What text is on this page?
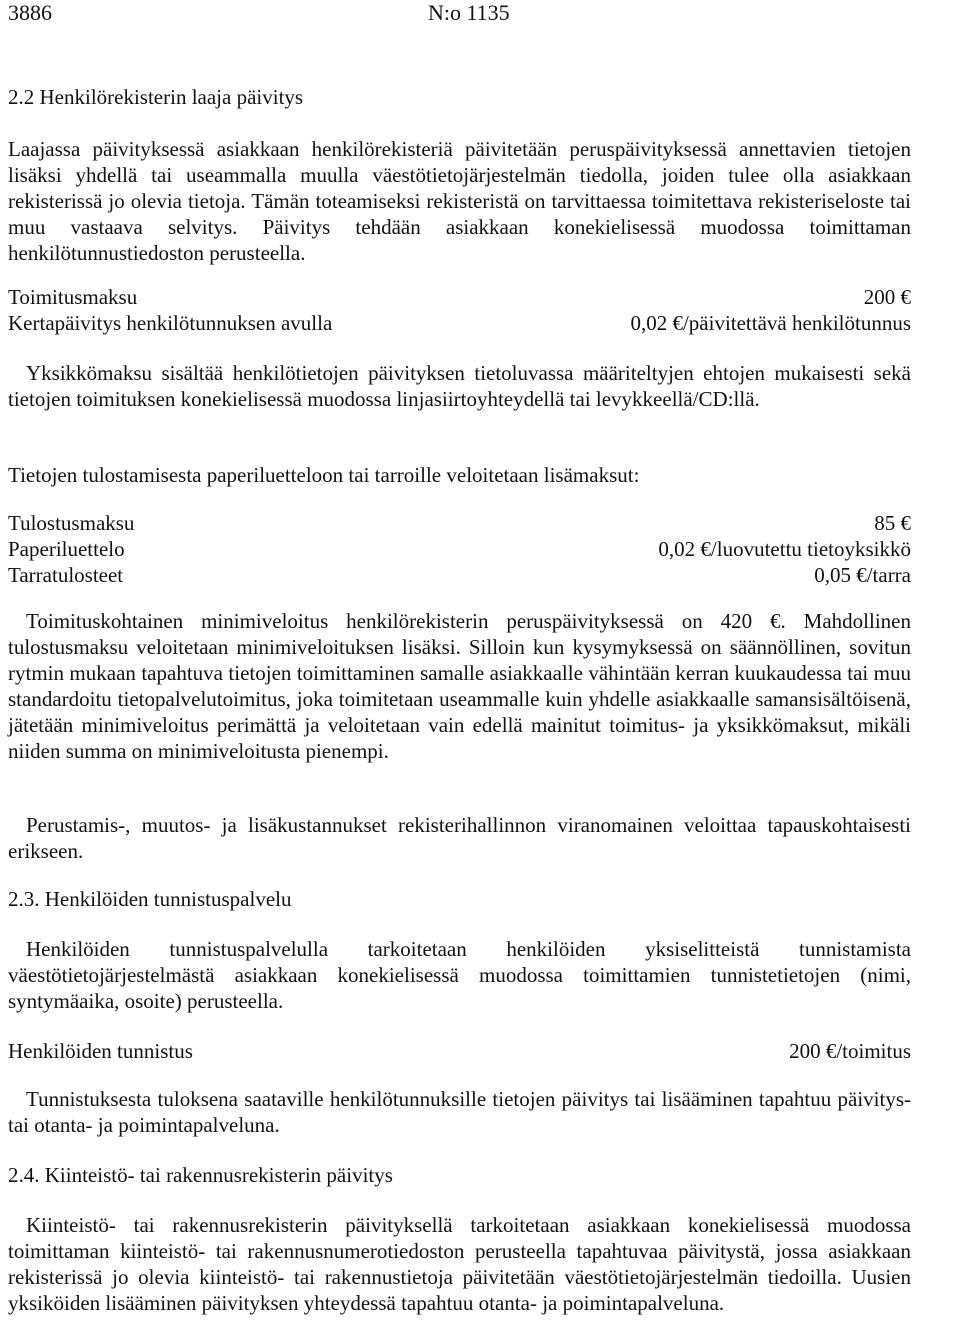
3886	N:o 1135
2.2 Henkilörekisterin laaja päivitys

Laajassa päivityksessä asiakkaan henkilörekisteriä päivitetään peruspäivityksessä annettavien tietojen lisäksi yhdellä tai useammalla muulla väestötietojärjestelmän tiedolla, joiden tulee olla asiakkaan rekisterissä jo olevia tietoja. Tämän toteamiseksi rekisteristä on tarvittaessa toimitettava rekisteriseloste tai muu vastaava selvitys. Päivitys tehdään asiakkaan konekielisessä muodossa toimittaman henkilötunnustiedoston perusteella.

Toimitusmaksu	200 €
Kertapäivitys henkilötunnuksen avulla	0,02 €/päivitettävä henkilötunnus

Yksikkömaksu sisältää henkilötietojen päivityksen tietoluvassa määriteltyjen ehtojen mukaisesti sekä tietojen toimituksen konekielisessä muodossa linjasiirtoyhteydellä tai levykkeellä/CD:llä.

Tietojen tulostamisesta paperiluetteloon tai tarroille veloitetaan lisämaksut:

Tulostusmaksu	85 €
Paperiluettelo	0,02 €/luovutettu tietoyksikkö
Tarratulosteet	0,05 €/tarra

Toimituskohtainen minimiveloitus henkilörekisterin peruspäivityksessä on 420 €. Mahdollinen tulostusmaksu veloitetaan minimiveloituksen lisäksi. Silloin kun kysymyksessä on säännöllinen, sovitun rytmin mukaan tapahtuva tietojen toimittaminen samalle asiakkaalle vähintään kerran kuukaudessa tai muu standardoitu tietopalvelutoimitus, joka toimitetaan useammalle kuin yhdelle asiakkaalle samansisältöisenä, jätetään minimiveloitus perimättä ja veloitetaan vain edellä mainitut toimitus- ja yksikkömaksut, mikäli niiden summa on minimiveloitusta pienempi.

Perustamis-, muutos- ja lisäkustannukset rekisterihallinnon viranomainen veloittaa tapauskohtaisesti erikseen.

2.3. Henkilöiden tunnistuspalvelu

Henkilöiden tunnistuspalvelulla tarkoitetaan henkilöiden yksiselitteistä tunnistamista väestötietojärjestelmästä asiakkaan konekielisessä muodossa toimittamien tunnistetietojen (nimi, syntymäaika, osoite) perusteella.

Henkilöiden tunnistus	200 €/toimitus

Tunnistuksesta tuloksena saataville henkilötunnuksille tietojen päivitys tai lisääminen tapahtuu päivitys- tai otanta- ja poimintapalveluna.

2.4. Kiinteistö- tai rakennusrekisterin päivitys

Kiinteistö- tai rakennusrekisterin päivityksellä tarkoitetaan asiakkaan konekielisessä muodossa toimittaman kiinteistö- tai rakennusnumerotiedoston perusteella tapahtuvaa päivitystä, jossa asiakkaan rekisterissä jo olevia kiinteistö- tai rakennustietoja päivitetään väestötietojärjestelmän tiedoilla. Uusien yksiköiden lisääminen päivityksen yhteydessä tapahtuu otanta- ja poimintapalveluna.
